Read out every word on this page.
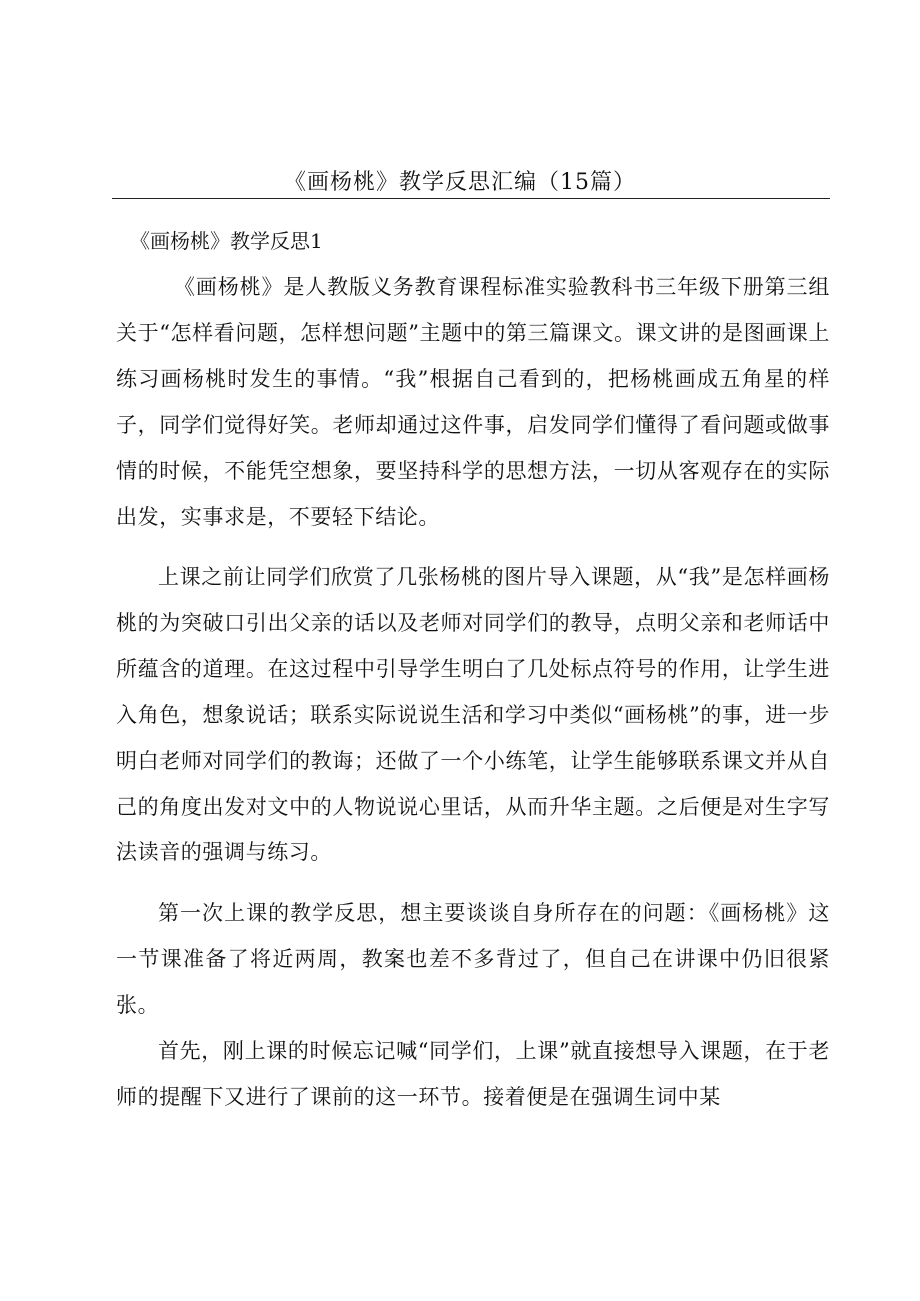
《画杨桃》教学反思汇编（15篇）
《画杨桃》教学反思1

《画杨桃》是人教版义务教育课程标准实验教科书三年级下册第三组关于“怎样看问题，怎样想问题”主题中的第三篇课文。课文讲的是图画课上练习画杨桃时发生的事情。“我”根据自己看到的，把杨桃画成五角星的样子，同学们觉得好笑。老师却通过这件事，启发同学们懂得了看问题或做事情的时候，不能凭空想象，要坚持科学的思想方法，一切从客观存在的实际出发，实事求是，不要轻下结论。

上课之前让同学们欣赏了几张杨桃的图片导入课题，从“我”是怎样画杨桃的为突破口引出父亲的话以及老师对同学们的教导，点明父亲和老师话中所蕴含的道理。在这过程中引导学生明白了几处标点符号的作用，让学生进入角色，想象说话；联系实际说说生活和学习中类似“画杨桃”的事，进一步明白老师对同学们的教诲；还做了一个小练笔，让学生能够联系课文并从自己的角度出发对文中的人物说说心里话，从而升华主题。之后便是对生字写法读音的强调与练习。

第一次上课的教学反思，想主要谈谈自身所存在的问题：《画杨桃》这一节课准备了将近两周，教案也差不多背过了，但自己在讲课中仍旧很紧张。

首先，刚上课的时候忘记喊“同学们，上课”就直接想导入课题，在于老师的提醒下又进行了课前的这一环节。接着便是在强调生词中某
